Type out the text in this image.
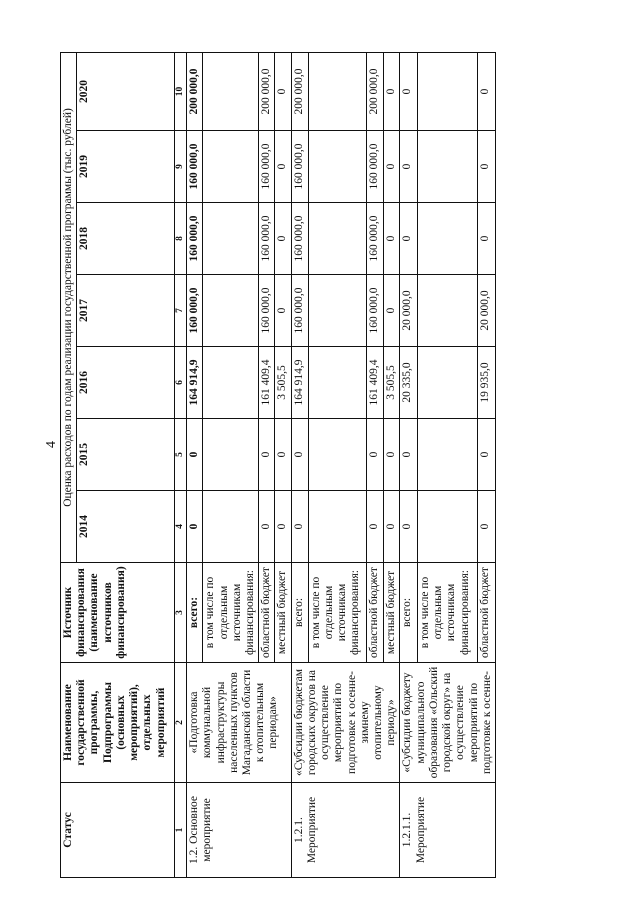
4
Статус	Наименование государственной программы, Подпрограммы (основных мероприятий), отдельных мероприятий	Источник финансирования (наименование источников финансирования)	Оценка расходов по годам реализации государственной программы (тыс. рублей)						
			2014	2015	2016	2017	2018	2019	2020
1	2	3	4	5	6	7	8	9	10
1.2. Основное мероприятие	«Подготовка коммунальной инфраструктуры населенных пунктов Магаданской области к отопительным периодам»	всего:	0	0	164 914,9	160 000,0	160 000,0	160 000,0	200 000,0
		в том числе по отдельным источникам финансирования:							
		областной бюджет	0	0	161 409,4	160 000,0	160 000,0	160 000,0	200 000,0
		местный бюджет	0	0	3 505,5	0	0	0	0
1.2.1. Мероприятие	«Субсидии бюджетам городских округов на осуществление мероприятий по подготовке к осенне-зимнему отопительному периоду»	всего:	0	0	164 914,9	160 000,0	160 000,0	160 000,0	200 000,0
		в том числе по отдельным источникам финансирования:							
		областной бюджет	0	0	161 409,4	160 000,0	160 000,0	160 000,0	200 000,0
		местный бюджет	0	0	3 505,5	0	0	0	0
1.2.1.1. Мероприятие	«Субсидии бюджету муниципального образования «Ольский городской округ» на осуществление мероприятий по подготовке к осенне-	всего:	0	0	20 335,0	20 000,0	0	0	0
		в том числе по отдельным источникам финансирования:							
		областной бюджет	0	0	19 935,0	20 000,0	0	0	0
